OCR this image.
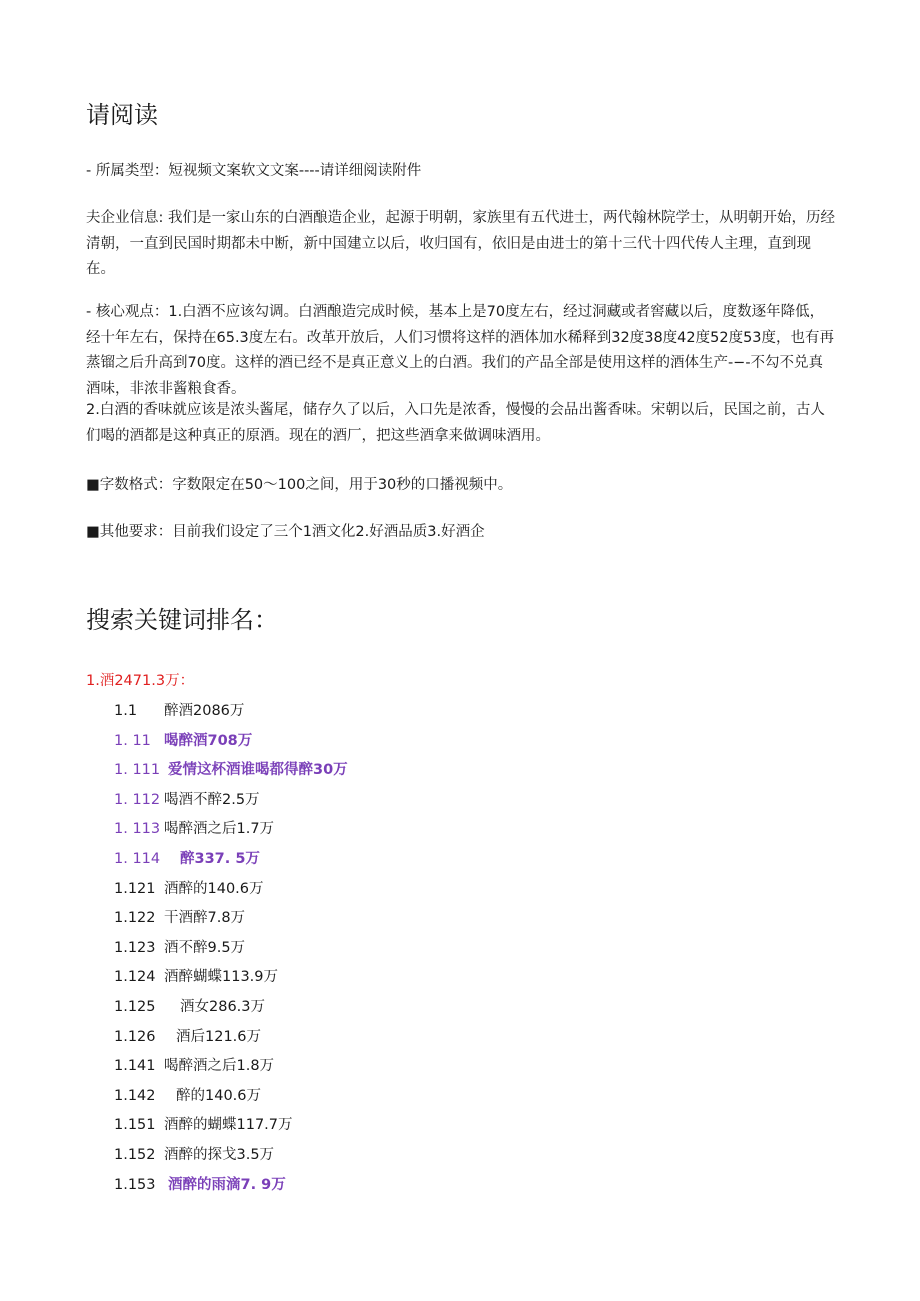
请阅读

- 所属类型：短视频文案软文文案----请详细阅读附件

夫企业信息: 我们是一家山东的白酒酿造企业，起源于明朝，家族里有五代进士，两代翰林院学士，从明朝开始，历经清朝，一直到民国时期都未中断，新中国建立以后，收归国有，依旧是由进士的第十三代十四代传人主理，直到现在。

- 核心观点：1.白酒不应该勾调。白酒酿造完成时候，基本上是70度左右，经过洞藏或者窖藏以后，度数逐年降低，经十年左右，保持在65.3度左右。改革开放后，人们习惯将这样的酒体加水稀释到32度38度42度52度53度，也有再蒸镏之后升高到70度。这样的酒已经不是真正意义上的白酒。我们的产品全部是使用这样的酒体生产-−-不勾不兑真酒味，非浓非酱粮食香。

2.白酒的香味就应该是浓头酱尾，储存久了以后，入口先是浓香，慢慢的会品出酱香味。宋朝以后，民国之前，古人们喝的酒都是这种真正的原酒。现在的酒厂，把这些酒拿来做调味酒用。

■字数格式：字数限定在50～100之间，用于30秒的口播视频中。

■其他要求：目前我们设定了三个1酒文化2.好酒品质3.好酒企

搜索关键词排名：
1.酒2471.3万：
1.1 醉酒2086万
1. 11 喝醉酒708万
1. 111 爱情这杯酒谁喝都得醉30万
1. 112 喝酒不醉2.5万
1. 113 喝醉酒之后1.7万
1. 114 醉337. 5万
1.121 酒醉的140.6万
1.122 干酒醉7.8万
1.123 酒不醉9.5万
1.124 酒醉蝴蝶113.9万
1.125 酒女286.3万
1.126 酒后121.6万
1.141 喝醉酒之后1.8万
1.142 醉的140.6万
1.151 酒醉的蝴蝶117.7万
1.152 酒醉的探戈3.5万
1.153 酒醉的雨滴7. 9万
